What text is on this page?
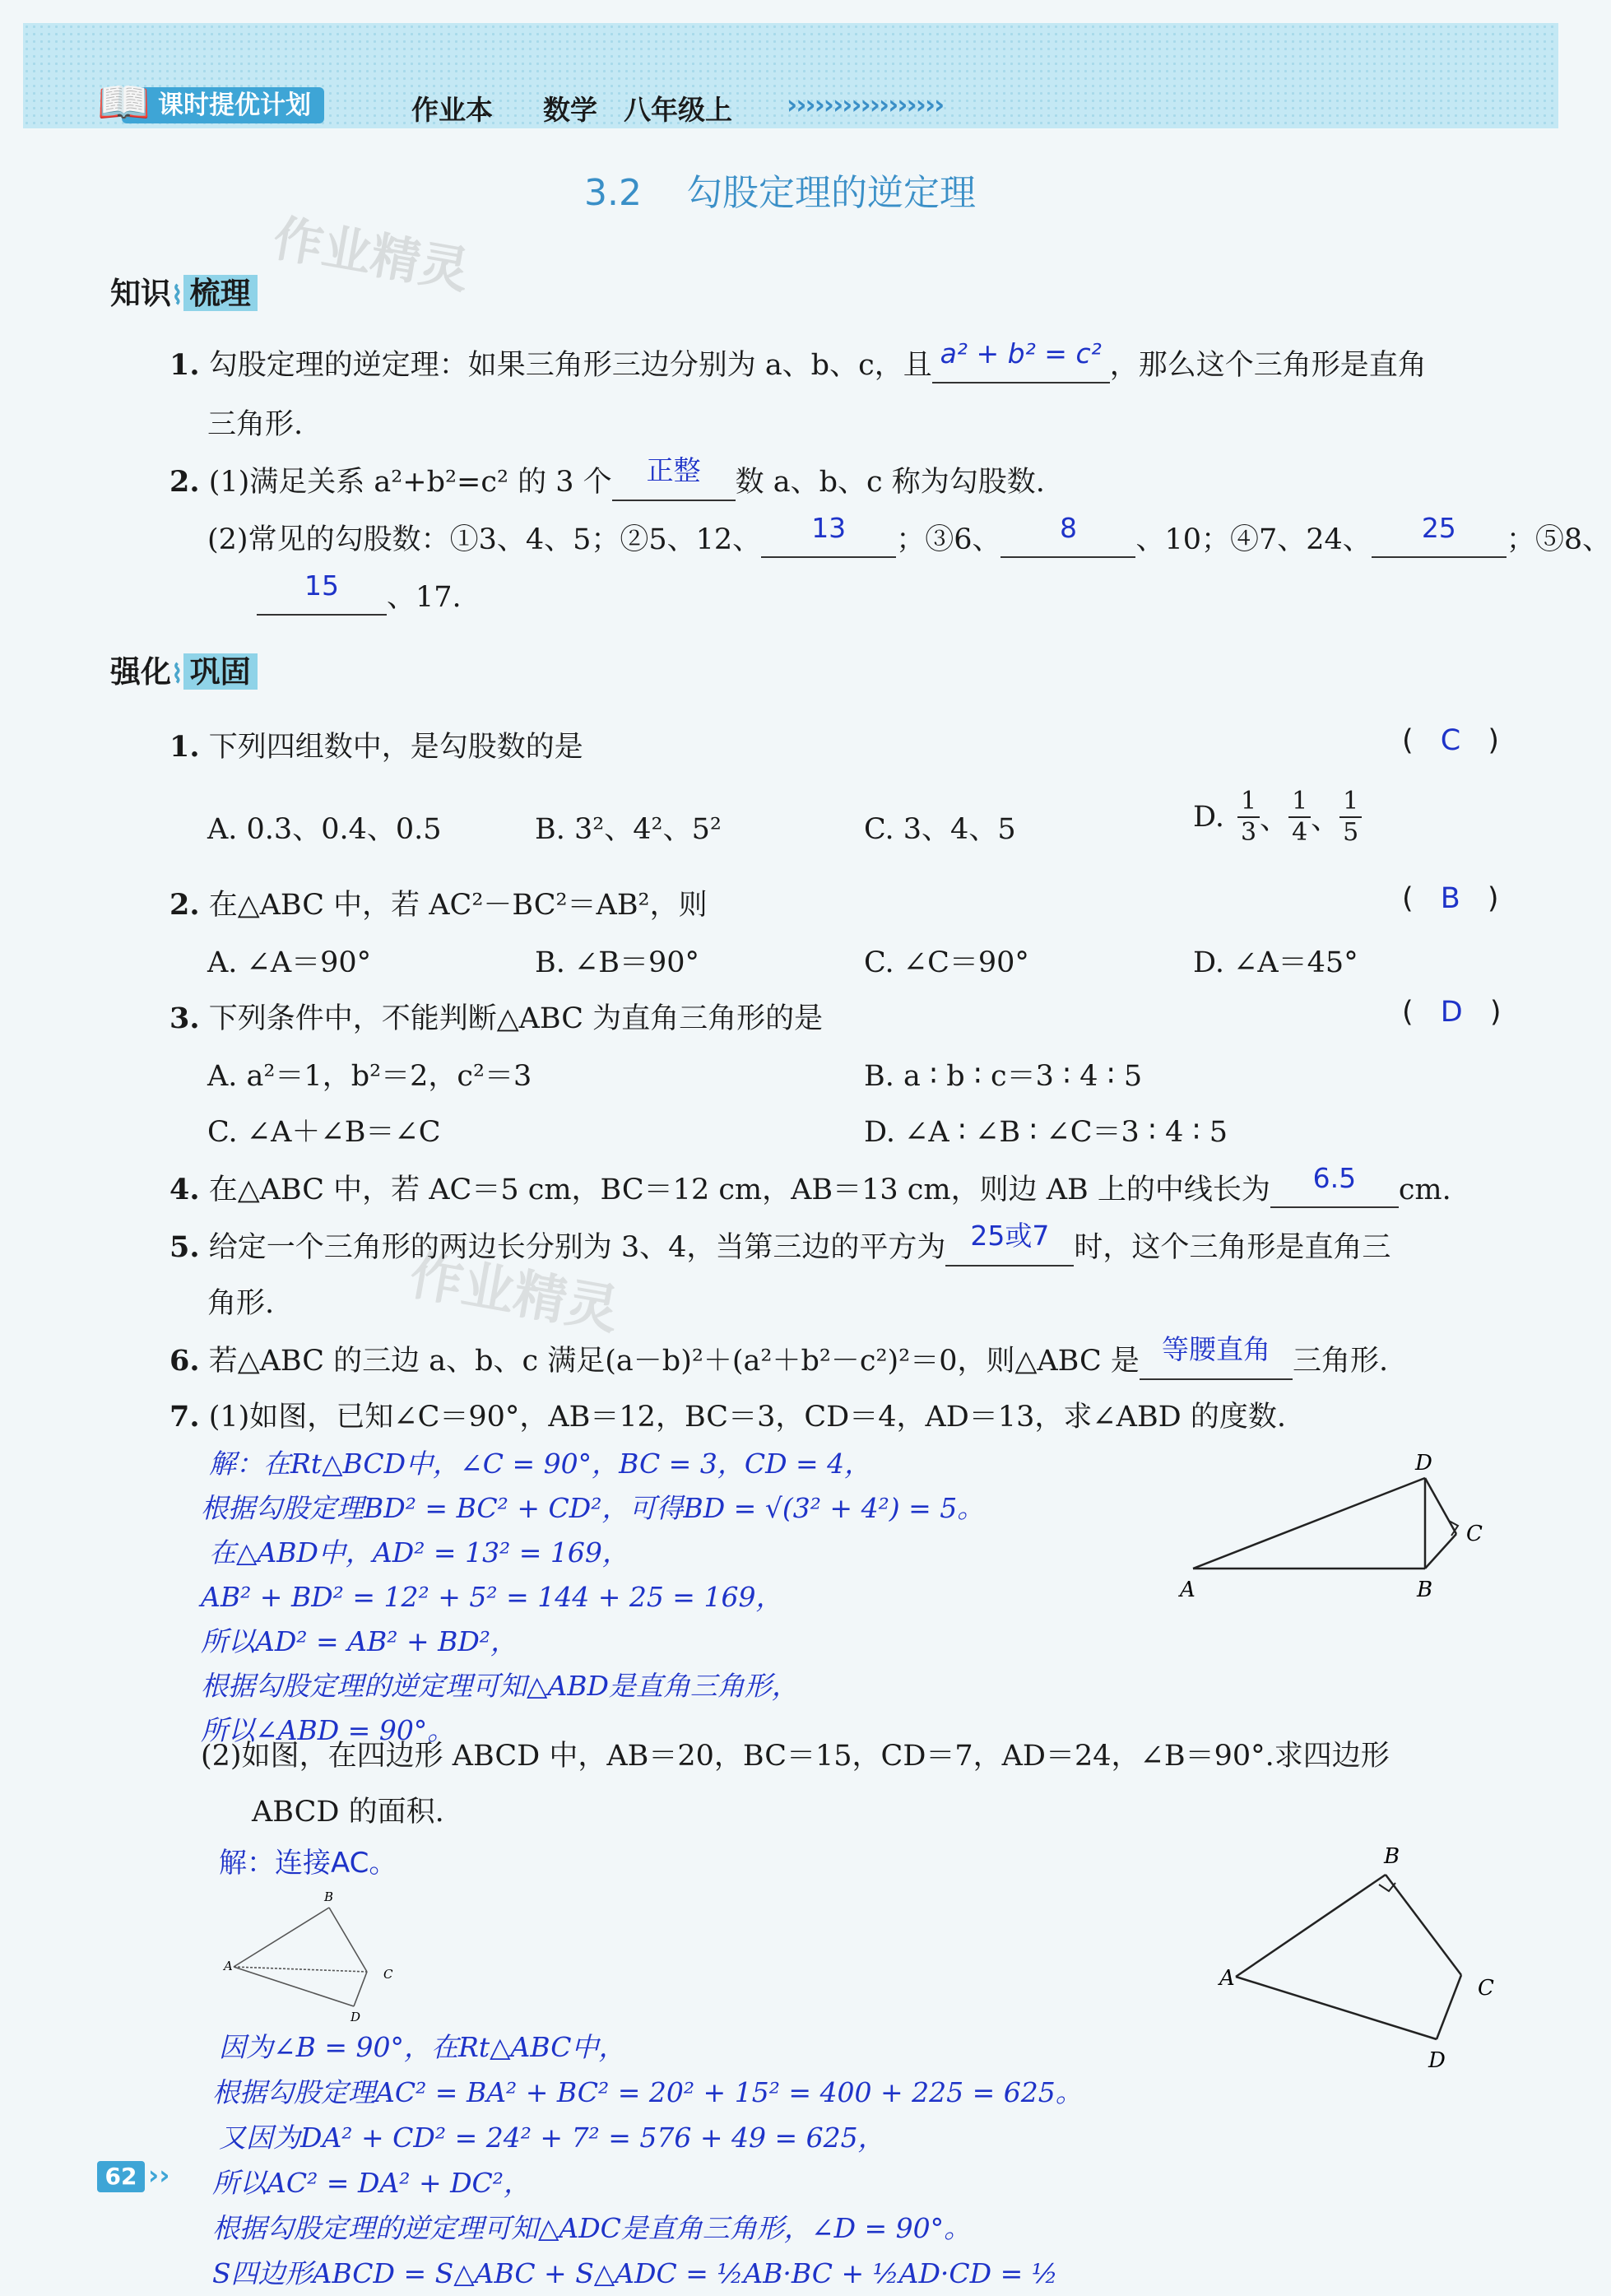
📖 课时提优计划	作业本 数学 八年级上 ›››››››››››››››››
3.2 勾股定理的逆定理
作业精灵
作业精灵
知识⌇ 梳理
1. 勾股定理的逆定理：如果三角形三边分别为 a、b、c，且 a² + b² = c² ，那么这个三角形是直角
三角形.
2. (1)满足关系 a²+b²=c² 的 3 个 正整 数 a、b、c 称为勾股数.
(2)常见的勾股数：①3、4、5；②5、12、 13 ；③6、 8 、10；④7、24、 25 ；⑤8、
15 、17.
强化⌇ 巩固
1. 下列四组数中，是勾股数的是	( C )
A. 0.3、0.4、0.5	B. 3²、4²、5²	C. 3、4、5	D. 1
3 、
1
4 、
1
5
2. 在△ABC 中，若 AC²－BC²＝AB²，则	( B )
A. ∠A＝90°	B. ∠B＝90°	C. ∠C＝90°	D. ∠A＝45°
3. 下列条件中，不能判断△ABC 为直角三角形的是	( D )
A. a²＝1，b²＝2，c²＝3	B. a ∶ b ∶ c＝3 ∶ 4 ∶ 5
C. ∠A＋∠B＝∠C	D. ∠A ∶ ∠B ∶ ∠C＝3 ∶ 4 ∶ 5
4. 在△ABC 中，若 AC＝5 cm，BC＝12 cm，AB＝13 cm，则边 AB 上的中线长为 6.5 cm.
5. 给定一个三角形的两边长分别为 3、4，当第三边的平方为 25或7 时，这个三角形是直角三
角形.
6. 若△ABC 的三边 a、b、c 满足(a－b)²＋(a²＋b²－c²)²＝0，则△ABC 是 等腰直角 三角形.
7. (1)如图，已知∠C＝90°，AB＝12，BC＝3，CD＝4，AD＝13，求∠ABD 的度数.
解：在Rt△BCD中，∠C = 90°，BC = 3，CD = 4，
根据勾股定理BD² = BC² + CD²，可得BD = √(3² + 4²) = 5。
在△ABD中，AD² = 13² = 169，
AB² + BD² = 12² + 5² = 144 + 25 = 169，
所以AD² = AB² + BD²，
根据勾股定理的逆定理可知△ABD是直角三角形，
所以∠ABD = 90°。
A	B
C
D
(2)如图，在四边形 ABCD 中，AB＝20，BC＝15，CD＝7，AD＝24，∠B＝90°.求四边形
ABCD 的面积.
解：连接AC。
A
B
C
D
A
B
C
D
因为∠B = 90°，在Rt△ABC中，
根据勾股定理AC² = BA² + BC² = 20² + 15² = 400 + 225 = 625。
又因为DA² + CD² = 24² + 7² = 576 + 49 = 625，
所以AC² = DA² + DC²，
根据勾股定理的逆定理可知△ADC是直角三角形，∠D = 90°。
S四边形ABCD = S△ABC + S△ADC = ½AB·BC + ½AD·CD = ½
62 ››
